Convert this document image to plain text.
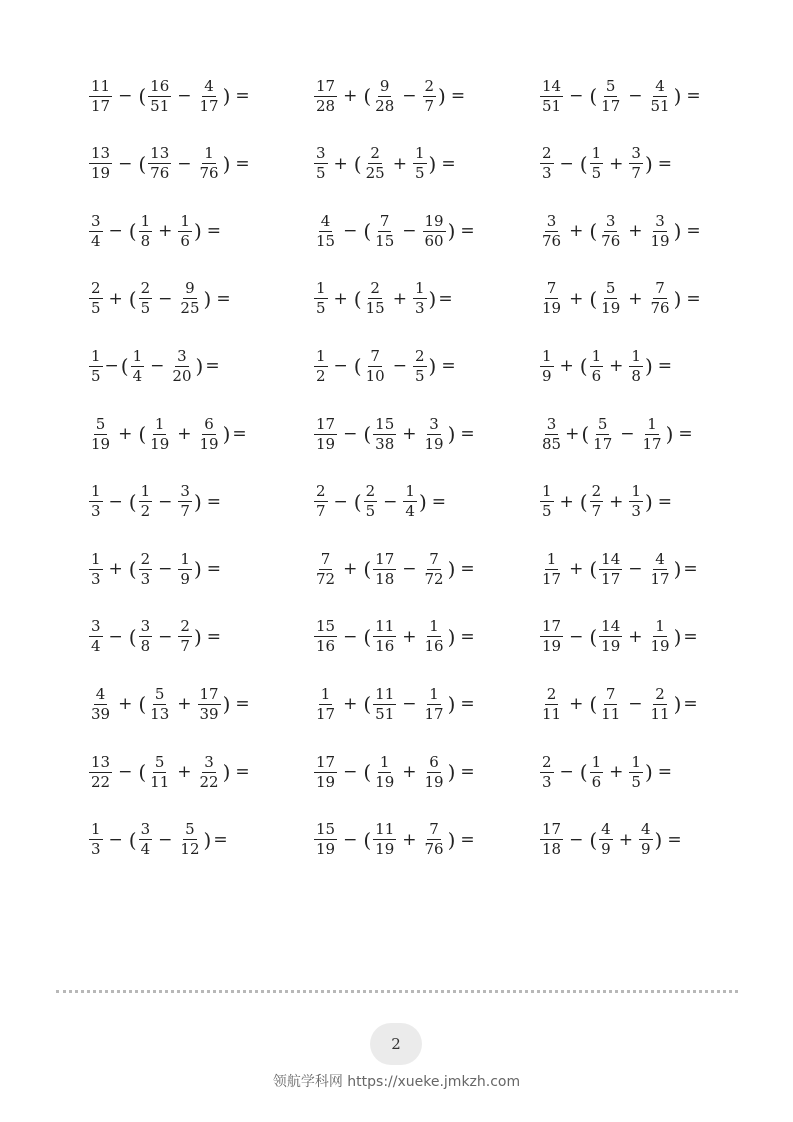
$\frac{11}{17}$ − ( $\frac{16}{51} - \frac{4}{17}$ ) =
$\frac{13}{19}$ − ( $\frac{13}{76} - \frac{1}{76}$ ) =
$\frac{3}{4}$ − ( $\frac{1}{8} + \frac{1}{6}$ ) =
$\frac{2}{5}$ + ( $\frac{2}{5} - \frac{9}{25}$ ) =
$\frac{1}{5}$ − ( $\frac{1}{4} - \frac{3}{20}$ ) =
$\frac{5}{19}$ + ( $\frac{1}{19} + \frac{6}{19}$ ) =
$\frac{1}{3}$ − ( $\frac{1}{2} - \frac{3}{7}$ ) =
$\frac{1}{3}$ + ( $\frac{2}{3} - \frac{1}{9}$ ) =
$\frac{3}{4}$ − ( $\frac{3}{8} - \frac{2}{7}$ ) =
$\frac{4}{39}$ + ( $\frac{5}{13} + \frac{17}{39}$ ) =
$\frac{13}{22}$ − ( $\frac{5}{11} + \frac{3}{22}$ ) =
$\frac{1}{3}$ − ( $\frac{3}{4} - \frac{5}{12}$ ) =
$\frac{17}{28}$ + ( $\frac{9}{28} - \frac{2}{7}$ ) =
$\frac{3}{5}$ + ( $\frac{2}{25} + \frac{1}{5}$ ) =
$\frac{4}{15}$ − ( $\frac{7}{15} - \frac{19}{60}$ ) =
$\frac{1}{5}$ + ( $\frac{2}{15} + \frac{1}{3}$ ) =
$\frac{1}{2}$ − ( $\frac{7}{10} - \frac{2}{5}$ ) =
$\frac{17}{19}$ − ( $\frac{15}{38} + \frac{3}{19}$ ) =
$\frac{2}{7}$ − ( $\frac{2}{5} - \frac{1}{4}$ ) =
$\frac{7}{72}$ + ( $\frac{17}{18} - \frac{7}{72}$ ) =
$\frac{15}{16}$ − ( $\frac{11}{16} + \frac{1}{16}$ ) =
$\frac{1}{17}$ + ( $\frac{11}{51} - \frac{1}{17}$ ) =
$\frac{17}{19}$ − ( $\frac{1}{19} + \frac{6}{19}$ ) =
$\frac{15}{19}$ − ( $\frac{11}{19} + \frac{7}{76}$ ) =
$\frac{14}{51}$ − ( $\frac{5}{17} - \frac{4}{51}$ ) =
$\frac{2}{3}$ − ( $\frac{1}{5} + \frac{3}{7}$ ) =
$\frac{3}{76}$ + ( $\frac{3}{76} + \frac{3}{19}$ ) =
$\frac{7}{19}$ + ( $\frac{5}{19} + \frac{7}{76}$ ) =
$\frac{1}{9}$ + ( $\frac{1}{6} + \frac{1}{8}$ ) =
$\frac{3}{85}$ + ( $\frac{5}{17} - \frac{1}{17}$ ) =
$\frac{1}{5}$ + ( $\frac{2}{7} + \frac{1}{3}$ ) =
$\frac{1}{17}$ + ( $\frac{14}{17} - \frac{4}{17}$ ) =
$\frac{17}{19}$ − ( $\frac{14}{19} + \frac{1}{19}$ ) =
$\frac{2}{11}$ + ( $\frac{7}{11} - \frac{2}{11}$ ) =
$\frac{2}{3}$ − ( $\frac{1}{6} + \frac{1}{5}$ ) =
$\frac{17}{18}$ − ( $\frac{4}{9} + \frac{4}{9}$ ) =
2
领航学科网 https://xueke.jmkzh.com
